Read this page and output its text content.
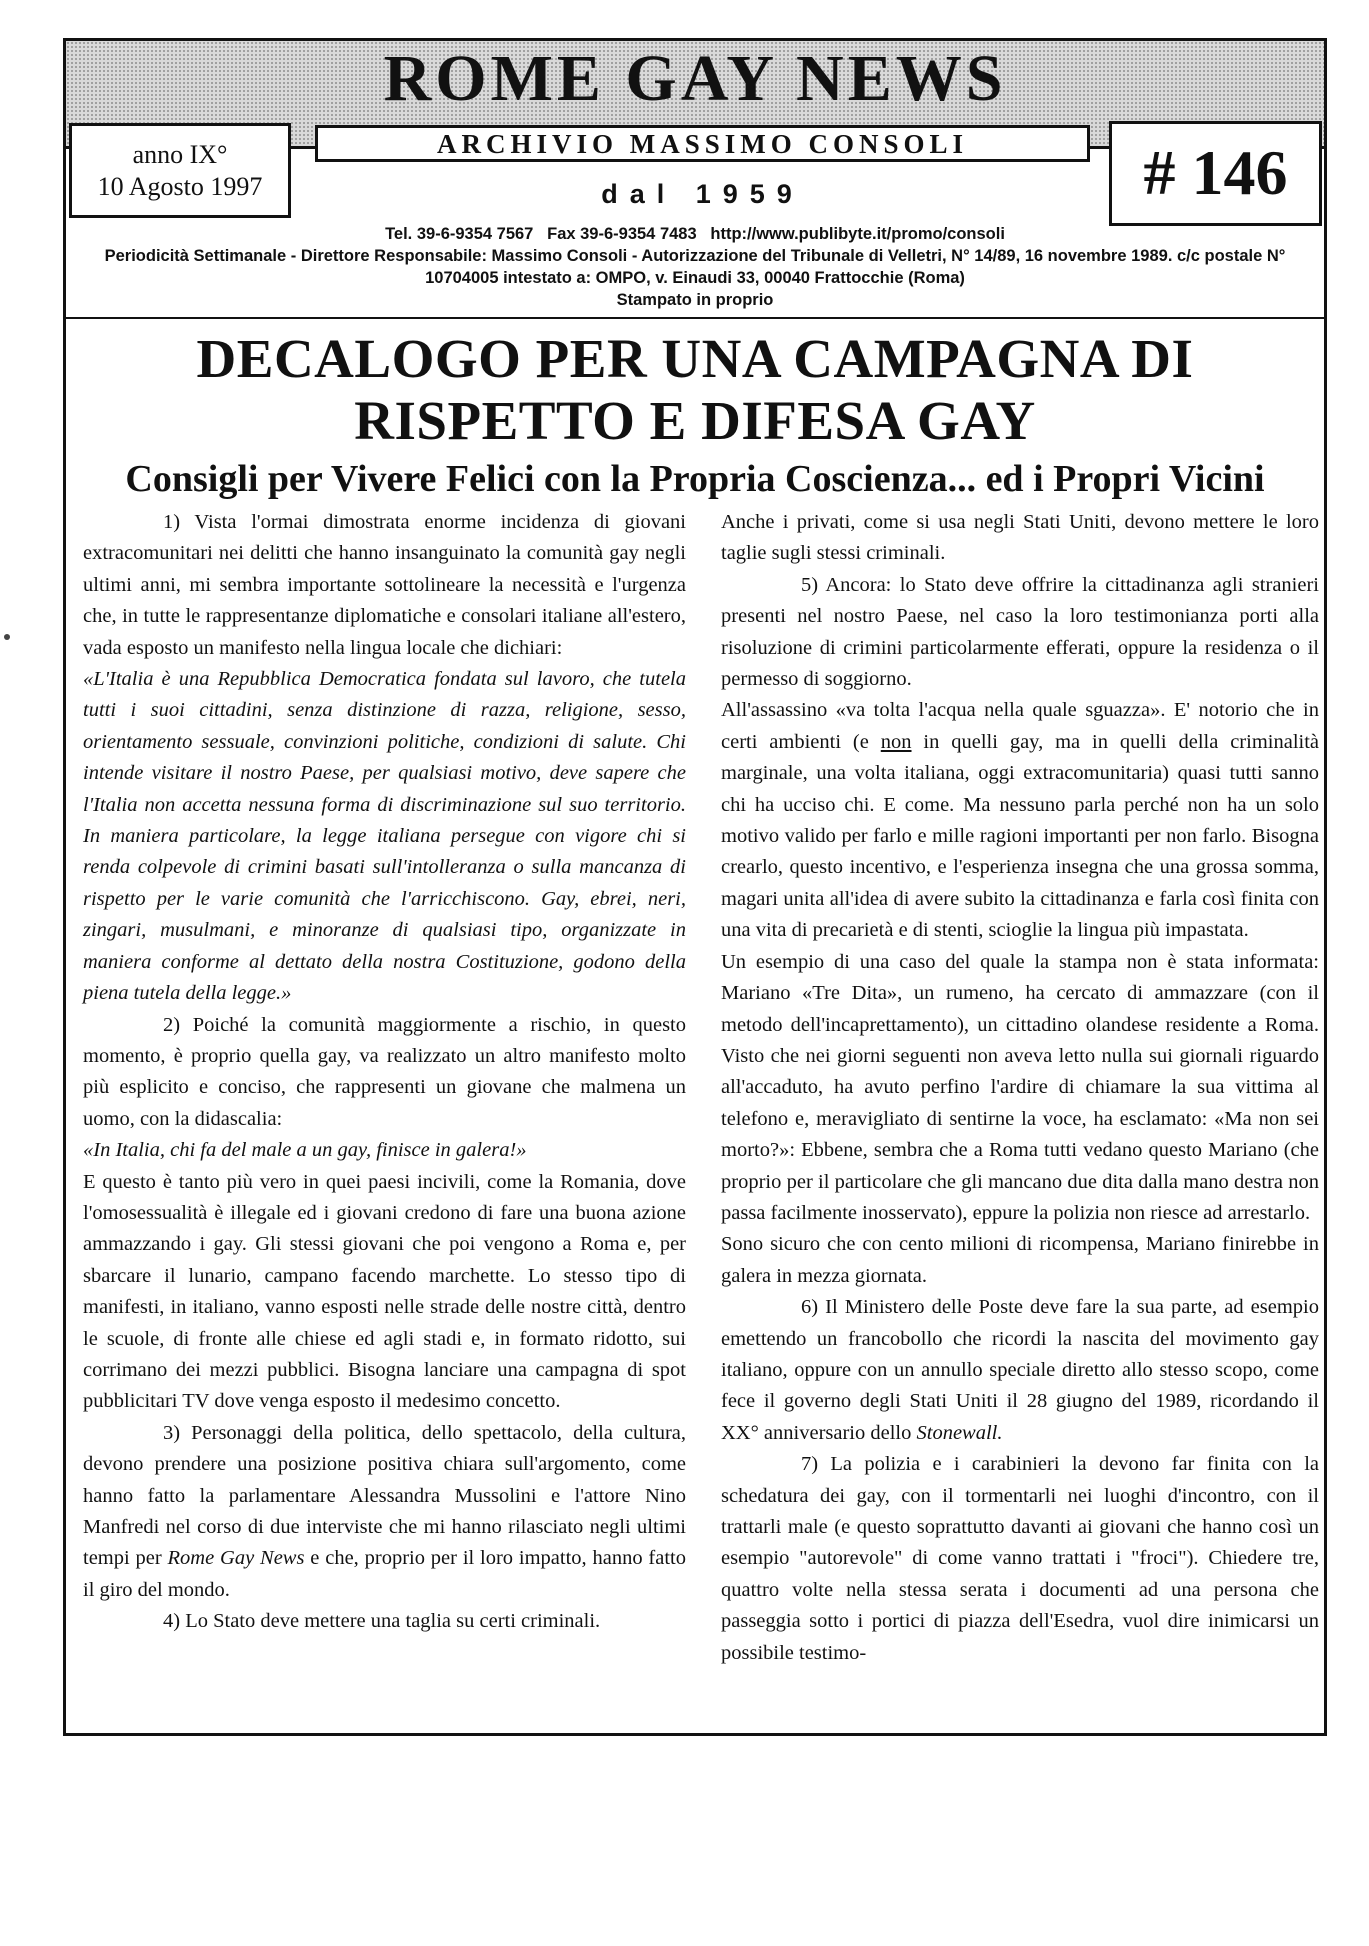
ROME GAY NEWS
anno IX°
10 Agosto 1997
ARCHIVIO MASSIMO CONSOLI
dal 1959	# 146
Tel. 39-6-9354 7567   Fax 39-6-9354 7483   http://www.publibyte.it/promo/consoli
Periodicità Settimanale - Direttore Responsabile: Massimo Consoli - Autorizzazione del Tribunale di Velletri, N° 14/89, 16 novembre 1989. c/c postale N° 10704005 intestato a: OMPO, v. Einaudi 33, 00040 Frattocchie (Roma)
Stampato in proprio
DECALOGO PER UNA CAMPAGNA DI
RISPETTO E DIFESA GAY
Consigli per Vivere Felici con la Propria Coscienza... ed i Propri Vicini

1) Vista l'ormai dimostrata enorme incidenza di giovani extracomunitari nei delitti che hanno insanguinato la comunità gay negli ultimi anni, mi sembra importante sottolineare la necessità e l'urgenza che, in tutte le rappresentanze diplomatiche e consolari italiane all'estero, vada esposto un manifesto nella lingua locale che dichiari:

«L'Italia è una Repubblica Democratica fondata sul lavoro, che tutela tutti i suoi cittadini, senza distinzione di razza, religione, sesso, orientamento sessuale, convinzioni politiche, condizioni di salute. Chi intende visitare il nostro Paese, per qualsiasi motivo, deve sapere che l'Italia non accetta nessuna forma di discriminazione sul suo territorio. In maniera particolare, la legge italiana persegue con vigore chi si renda colpevole di crimini basati sull'intolleranza o sulla mancanza di rispetto per le varie comunità che l'arricchiscono. Gay, ebrei, neri, zingari, musulmani, e minoranze di qualsiasi tipo, organizzate in maniera conforme al dettato della nostra Costituzione, godono della piena tutela della legge.»

2) Poiché la comunità maggiormente a rischio, in questo momento, è proprio quella gay, va realizzato un altro manifesto molto più esplicito e conciso, che rappresenti un giovane che malmena un uomo, con la didascalia:

«In Italia, chi fa del male a un gay, finisce in galera!»

E questo è tanto più vero in quei paesi incivili, come la Romania, dove l'omosessualità è illegale ed i giovani credono di fare una buona azione ammazzando i gay. Gli stessi giovani che poi vengono a Roma e, per sbarcare il lunario, campano facendo marchette. Lo stesso tipo di manifesti, in italiano, vanno esposti nelle strade delle nostre città, dentro le scuole, di fronte alle chiese ed agli stadi e, in formato ridotto, sui corrimano dei mezzi pubblici. Bisogna lanciare una campagna di spot pubblicitari TV dove venga esposto il medesimo concetto.

3) Personaggi della politica, dello spettacolo, della cultura, devono prendere una posizione positiva chiara sull'argomento, come hanno fatto la parlamentare Alessandra Mussolini e l'attore Nino Manfredi nel corso di due interviste che mi hanno rilasciato negli ultimi tempi per Rome Gay News e che, proprio per il loro impatto, hanno fatto il giro del mondo.

4) Lo Stato deve mettere una taglia su certi criminali.

Anche i privati, come si usa negli Stati Uniti, devono mettere le loro taglie sugli stessi criminali.

5) Ancora: lo Stato deve offrire la cittadinanza agli stranieri presenti nel nostro Paese, nel caso la loro testimonianza porti alla risoluzione di crimini particolarmente efferati, oppure la residenza o il permesso di soggiorno.

All'assassino «va tolta l'acqua nella quale sguazza». E' notorio che in certi ambienti (e non in quelli gay, ma in quelli della criminalità marginale, una volta italiana, oggi extracomunitaria) quasi tutti sanno chi ha ucciso chi. E come. Ma nessuno parla perché non ha un solo motivo valido per farlo e mille ragioni importanti per non farlo. Bisogna crearlo, questo incentivo, e l'esperienza insegna che una grossa somma, magari unita all'idea di avere subito la cittadinanza e farla così finita con una vita di precarietà e di stenti, scioglie la lingua più impastata.

Un esempio di una caso del quale la stampa non è stata informata: Mariano «Tre Dita», un rumeno, ha cercato di ammazzare (con il metodo dell'incaprettamento), un cittadino olandese residente a Roma. Visto che nei giorni seguenti non aveva letto nulla sui giornali riguardo all'accaduto, ha avuto perfino l'ardire di chiamare la sua vittima al telefono e, meravigliato di sentirne la voce, ha esclamato: «Ma non sei morto?»: Ebbene, sembra che a Roma tutti vedano questo Mariano (che proprio per il particolare che gli mancano due dita dalla mano destra non passa facilmente inosservato), eppure la polizia non riesce ad arrestarlo.

Sono sicuro che con cento milioni di ricompensa, Mariano finirebbe in galera in mezza giornata.

6) Il Ministero delle Poste deve fare la sua parte, ad esempio emettendo un francobollo che ricordi la nascita del movimento gay italiano, oppure con un annullo speciale diretto allo stesso scopo, come fece il governo degli Stati Uniti il 28 giugno del 1989, ricordando il XX° anniversario dello Stonewall.

7) La polizia e i carabinieri la devono far finita con la schedatura dei gay, con il tormentarli nei luoghi d'incontro, con il trattarli male (e questo soprattutto davanti ai giovani che hanno così un esempio "autorevole" di come vanno trattati i "froci"). Chiedere tre, quattro volte nella stessa serata i documenti ad una persona che passeggia sotto i portici di piazza dell'Esedra, vuol dire inimicarsi un possibile testimo-
